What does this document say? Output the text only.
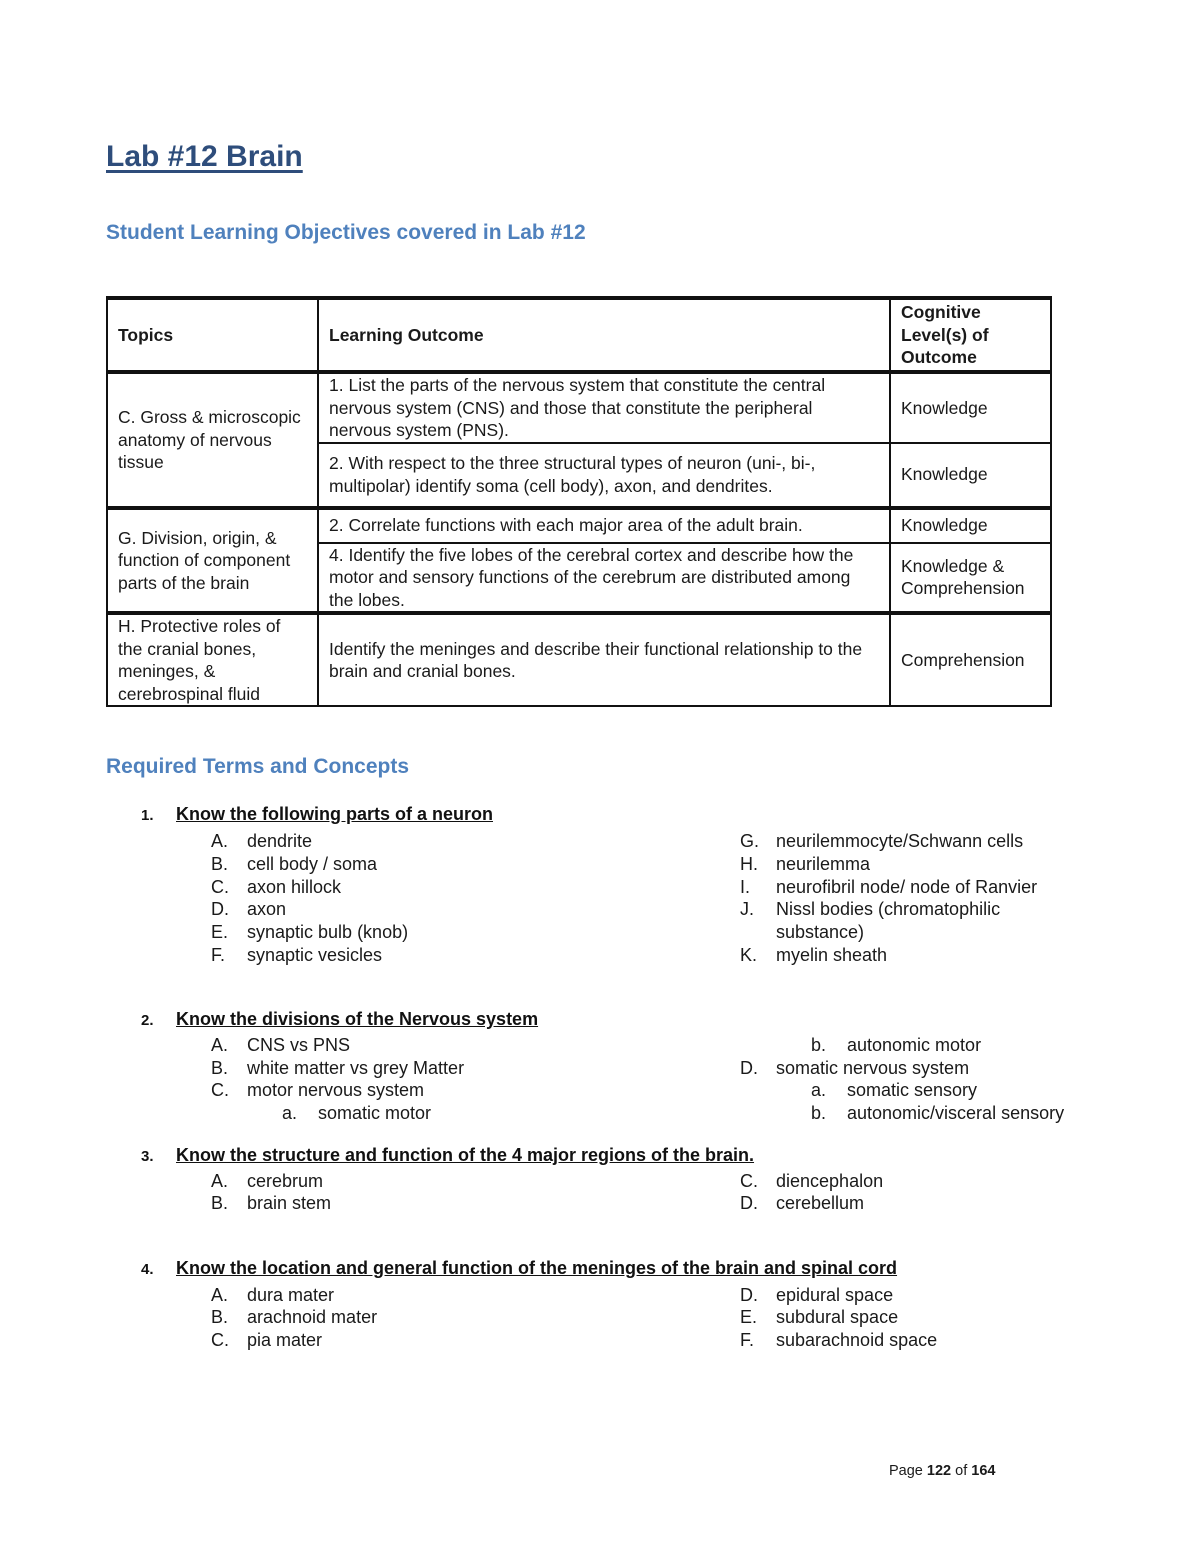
Lab #12 Brain
Student Learning Objectives covered in Lab #12
Topics	Learning Outcome	Cognitive Level(s) of Outcome
C. Gross & microscopic anatomy of nervous tissue	1. List the parts of the nervous system that constitute the central nervous system (CNS) and those that constitute the peripheral nervous system (PNS).	Knowledge
	2. With respect to the three structural types of neuron (uni-, bi-, multipolar) identify soma (cell body), axon, and dendrites.	Knowledge
G. Division, origin, & function of component parts of the brain	2. Correlate functions with each major area of the adult brain.	Knowledge
	4. Identify the five lobes of the cerebral cortex and describe how the motor and sensory functions of the cerebrum are distributed among the lobes.	Knowledge & Comprehension
H. Protective roles of the cranial bones, meninges, & cerebrospinal fluid	Identify the meninges and describe their functional relationship to the brain and cranial bones.	Comprehension
Required Terms and Concepts
1. Know the following parts of a neuron
A. dendrite
B. cell body / soma
C. axon hillock
D. axon
E. synaptic bulb (knob)
F. synaptic vesicles
G. neurilemmocyte/Schwann cells
H. neurilemma
I. neurofibril node/ node of Ranvier
J. Nissl bodies (chromatophilic
substance)
K. myelin sheath
2. Know the divisions of the Nervous system
A. CNS vs PNS
B. white matter vs grey Matter
C. motor nervous system
a. somatic motor
b. autonomic motor
D. somatic nervous system
a. somatic sensory
b. autonomic/visceral sensory
3. Know the structure and function of the 4 major regions of the brain.
A. cerebrum
B. brain stem
C. diencephalon
D. cerebellum
4. Know the location and general function of the meninges of the brain and spinal cord
A. dura mater
B. arachnoid mater
C. pia mater
D. epidural space
E. subdural space
F. subarachnoid space
Page 122 of 164
